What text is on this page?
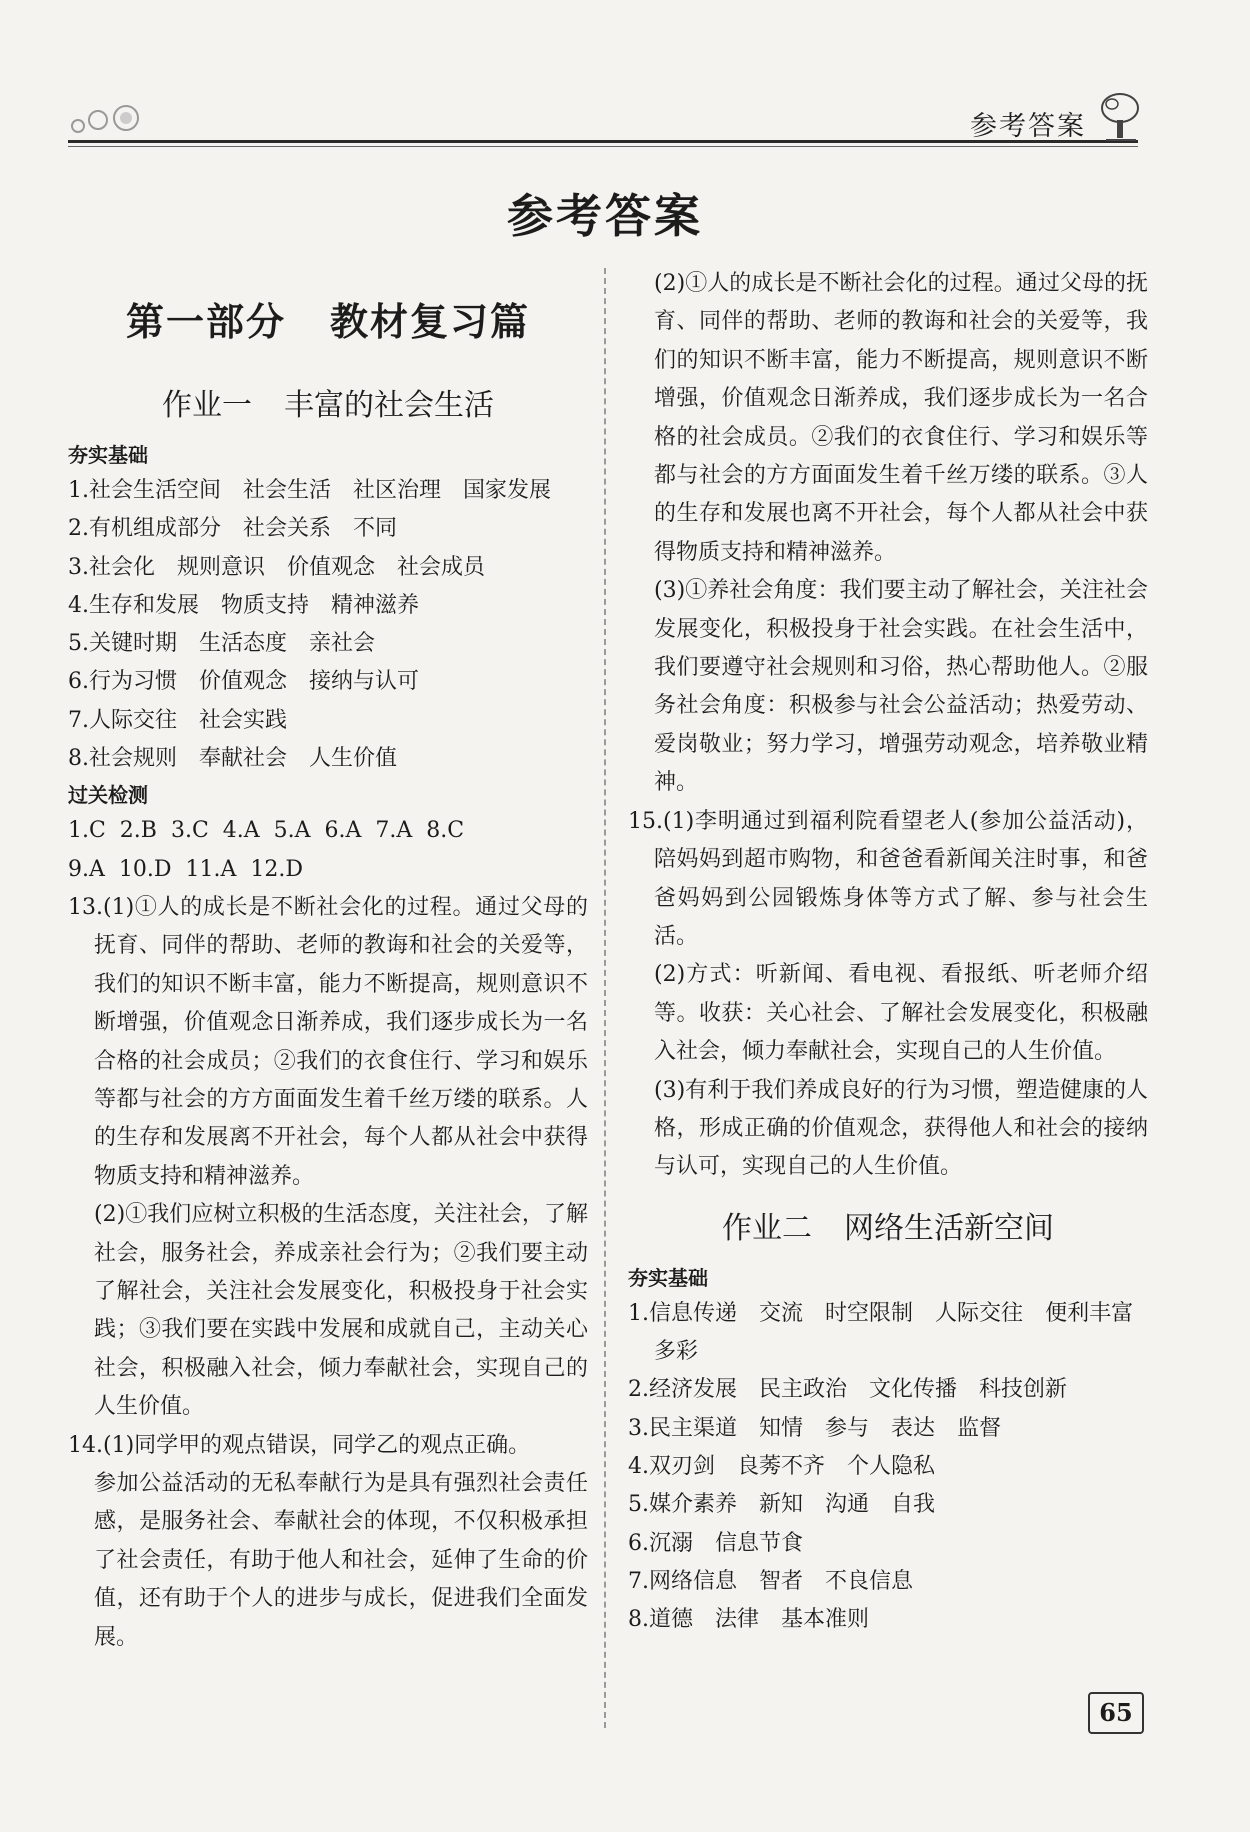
参考答案
参考答案
第一部分 教材复习篇
作业一 丰富的社会生活
夯实基础
1.社会生活空间 社会生活 社区治理 国家发展
2.有机组成部分 社会关系 不同
3.社会化 规则意识 价值观念 社会成员
4.生存和发展 物质支持 精神滋养
5.关键时期 生活态度 亲社会
6.行为习惯 价值观念 接纳与认可
7.人际交往 社会实践
8.社会规则 奉献社会 人生价值
过关检测
1.C  2.B  3.C  4.A  5.A  6.A  7.A  8.C
9.A  10.D  11.A  12.D
13.(1)①人的成长是不断社会化的过程。通过父母的抚育、同伴的帮助、老师的教诲和社会的关爱等，我们的知识不断丰富，能力不断提高，规则意识不断增强，价值观念日渐养成，我们逐步成长为一名合格的社会成员；②我们的衣食住行、学习和娱乐等都与社会的方方面面发生着千丝万缕的联系。人的生存和发展离不开社会，每个人都从社会中获得物质支持和精神滋养。
(2)①我们应树立积极的生活态度，关注社会，了解社会，服务社会，养成亲社会行为；②我们要主动了解社会，关注社会发展变化，积极投身于社会实践；③我们要在实践中发展和成就自己，主动关心社会，积极融入社会，倾力奉献社会，实现自己的人生价值。
14.(1)同学甲的观点错误，同学乙的观点正确。
参加公益活动的无私奉献行为是具有强烈社会责任感，是服务社会、奉献社会的体现，不仅积极承担了社会责任，有助于他人和社会，延伸了生命的价值，还有助于个人的进步与成长，促进我们全面发展。
(2)①人的成长是不断社会化的过程。通过父母的抚育、同伴的帮助、老师的教诲和社会的关爱等，我们的知识不断丰富，能力不断提高，规则意识不断增强，价值观念日渐养成，我们逐步成长为一名合格的社会成员。②我们的衣食住行、学习和娱乐等都与社会的方方面面发生着千丝万缕的联系。③人的生存和发展也离不开社会，每个人都从社会中获得物质支持和精神滋养。
(3)①养社会角度：我们要主动了解社会，关注社会发展变化，积极投身于社会实践。在社会生活中，我们要遵守社会规则和习俗，热心帮助他人。②服务社会角度：积极参与社会公益活动；热爱劳动、爱岗敬业；努力学习，增强劳动观念，培养敬业精神。
15.(1)李明通过到福利院看望老人(参加公益活动)，陪妈妈到超市购物，和爸爸看新闻关注时事，和爸爸妈妈到公园锻炼身体等方式了解、参与社会生活。
(2)方式：听新闻、看电视、看报纸、听老师介绍等。收获：关心社会、了解社会发展变化，积极融入社会，倾力奉献社会，实现自己的人生价值。
(3)有利于我们养成良好的行为习惯，塑造健康的人格，形成正确的价值观念，获得他人和社会的接纳与认可，实现自己的人生价值。
作业二 网络生活新空间
夯实基础
1.信息传递 交流 时空限制 人际交往 便利丰富多彩
2.经济发展 民主政治 文化传播 科技创新
3.民主渠道 知情 参与 表达 监督
4.双刃剑 良莠不齐 个人隐私
5.媒介素养 新知 沟通 自我
6.沉溺 信息节食
7.网络信息 智者 不良信息
8.道德 法律 基本准则
65
